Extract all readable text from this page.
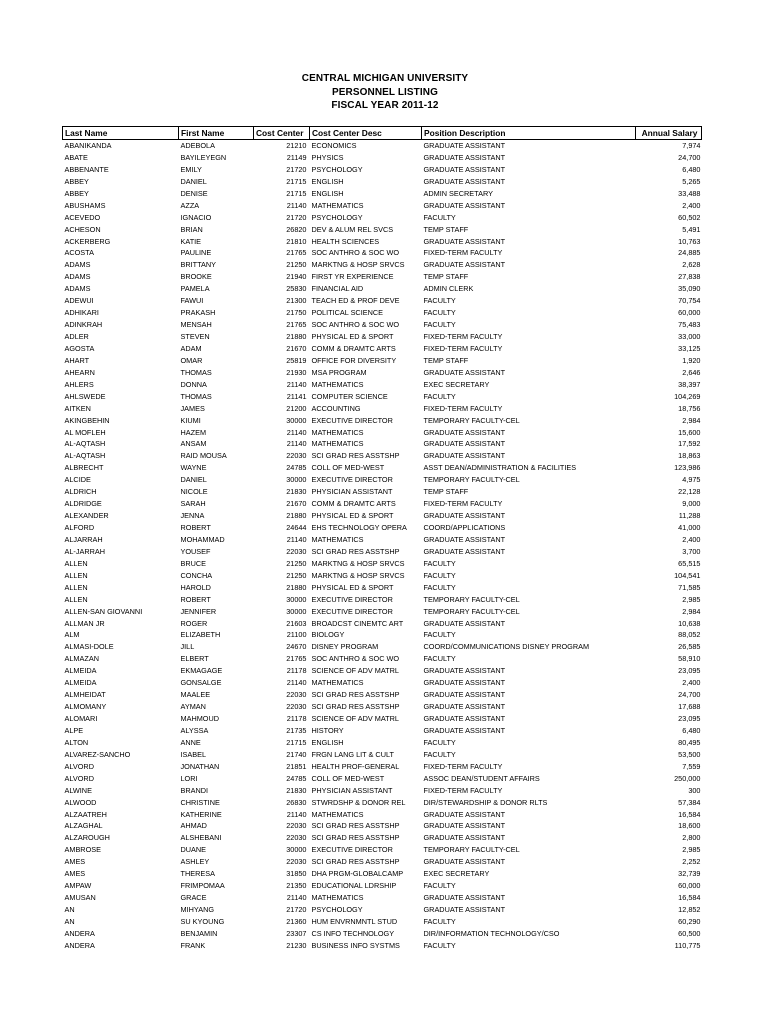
CENTRAL MICHIGAN UNIVERSITY
PERSONNEL LISTING
FISCAL YEAR 2011-12
Last Name	First Name	Cost Center	Cost Center Desc	Position Description	Annual Salary
ABANIKANDA	ADEBOLA	21210	ECONOMICS	GRADUATE ASSISTANT	7,974
ABATE	BAYILEYEGN	21149	PHYSICS	GRADUATE ASSISTANT	24,700
ABBENANTE	EMILY	21720	PSYCHOLOGY	GRADUATE ASSISTANT	6,480
ABBEY	DANIEL	21715	ENGLISH	GRADUATE ASSISTANT	5,265
ABBEY	DENISE	21715	ENGLISH	ADMIN SECRETARY	33,488
ABUSHAMS	AZZA	21140	MATHEMATICS	GRADUATE ASSISTANT	2,400
ACEVEDO	IGNACIO	21720	PSYCHOLOGY	FACULTY	60,502
ACHESON	BRIAN	26820	DEV & ALUM REL SVCS	TEMP STAFF	5,491
ACKERBERG	KATIE	21810	HEALTH SCIENCES	GRADUATE ASSISTANT	10,763
ACOSTA	PAULINE	21765	SOC ANTHRO & SOC WO	FIXED-TERM FACULTY	24,885
ADAMS	BRITTANY	21250	MARKTNG & HOSP SRVCS	GRADUATE ASSISTANT	2,628
ADAMS	BROOKE	21940	FIRST YR EXPERIENCE	TEMP STAFF	27,838
ADAMS	PAMELA	25830	FINANCIAL AID	ADMIN CLERK	35,090
ADEWUI	FAWUI	21300	TEACH ED & PROF DEVE	FACULTY	70,754
ADHIKARI	PRAKASH	21750	POLITICAL SCIENCE	FACULTY	60,000
ADINKRAH	MENSAH	21765	SOC ANTHRO & SOC WO	FACULTY	75,483
ADLER	STEVEN	21880	PHYSICAL ED & SPORT	FIXED-TERM FACULTY	33,000
AGOSTA	ADAM	21670	COMM & DRAMTC ARTS	FIXED-TERM FACULTY	33,125
AHART	OMAR	25819	OFFICE FOR DIVERSITY	TEMP STAFF	1,920
AHEARN	THOMAS	21930	MSA PROGRAM	GRADUATE ASSISTANT	2,646
AHLERS	DONNA	21140	MATHEMATICS	EXEC SECRETARY	38,397
AHLSWEDE	THOMAS	21141	COMPUTER SCIENCE	FACULTY	104,269
AITKEN	JAMES	21200	ACCOUNTING	FIXED-TERM FACULTY	18,756
AKINGBEHIN	KIUMI	30000	EXECUTIVE DIRECTOR	TEMPORARY FACULTY-CEL	2,984
AL MOFLEH	HAZEM	21140	MATHEMATICS	GRADUATE ASSISTANT	15,600
AL-AQTASH	ANSAM	21140	MATHEMATICS	GRADUATE ASSISTANT	17,592
AL-AQTASH	RAID MOUSA	22030	SCI GRAD RES ASSTSHP	GRADUATE ASSISTANT	18,863
ALBRECHT	WAYNE	24785	COLL OF MED-WEST	ASST DEAN/ADMINISTRATION & FACILITIES	123,986
ALCIDE	DANIEL	30000	EXECUTIVE DIRECTOR	TEMPORARY FACULTY-CEL	4,975
ALDRICH	NICOLE	21830	PHYSICIAN ASSISTANT	TEMP STAFF	22,128
ALDRIDGE	SARAH	21670	COMM & DRAMTC ARTS	FIXED-TERM FACULTY	9,000
ALEXANDER	JENNA	21880	PHYSICAL ED & SPORT	GRADUATE ASSISTANT	11,288
ALFORD	ROBERT	24644	EHS TECHNOLOGY OPERA	COORD/APPLICATIONS	41,000
ALJARRAH	MOHAMMAD	21140	MATHEMATICS	GRADUATE ASSISTANT	2,400
AL-JARRAH	YOUSEF	22030	SCI GRAD RES ASSTSHP	GRADUATE ASSISTANT	3,700
ALLEN	BRUCE	21250	MARKTNG & HOSP SRVCS	FACULTY	65,515
ALLEN	CONCHA	21250	MARKTNG & HOSP SRVCS	FACULTY	104,541
ALLEN	HAROLD	21880	PHYSICAL ED & SPORT	FACULTY	71,585
ALLEN	ROBERT	30000	EXECUTIVE DIRECTOR	TEMPORARY FACULTY-CEL	2,985
ALLEN-SAN GIOVANNI	JENNIFER	30000	EXECUTIVE DIRECTOR	TEMPORARY FACULTY-CEL	2,984
ALLMAN JR	ROGER	21603	BROADCST CINEMTC ART	GRADUATE ASSISTANT	10,638
ALM	ELIZABETH	21100	BIOLOGY	FACULTY	88,052
ALMASI-DOLE	JILL	24670	DISNEY PROGRAM	COORD/COMMUNICATIONS DISNEY PROGRAM	26,585
ALMAZAN	ELBERT	21765	SOC ANTHRO & SOC WO	FACULTY	58,910
ALMEIDA	EKMAGAGE	21178	SCIENCE OF ADV MATRL	GRADUATE ASSISTANT	23,095
ALMEIDA	GONSALGE	21140	MATHEMATICS	GRADUATE ASSISTANT	2,400
ALMHEIDAT	MAALEE	22030	SCI GRAD RES ASSTSHP	GRADUATE ASSISTANT	24,700
ALMOMANY	AYMAN	22030	SCI GRAD RES ASSTSHP	GRADUATE ASSISTANT	17,688
ALOMARI	MAHMOUD	21178	SCIENCE OF ADV MATRL	GRADUATE ASSISTANT	23,095
ALPE	ALYSSA	21735	HISTORY	GRADUATE ASSISTANT	6,480
ALTON	ANNE	21715	ENGLISH	FACULTY	80,495
ALVAREZ-SANCHO	ISABEL	21740	FRGN LANG LIT & CULT	FACULTY	53,500
ALVORD	JONATHAN	21851	HEALTH PROF-GENERAL	FIXED-TERM FACULTY	7,559
ALVORD	LORI	24785	COLL OF MED-WEST	ASSOC DEAN/STUDENT AFFAIRS	250,000
ALWINE	BRANDI	21830	PHYSICIAN ASSISTANT	FIXED-TERM FACULTY	300
ALWOOD	CHRISTINE	26830	STWRDSHP & DONOR REL	DIR/STEWARDSHIP & DONOR RLTS	57,384
ALZAATREH	KATHERINE	21140	MATHEMATICS	GRADUATE ASSISTANT	16,584
ALZAGHAL	AHMAD	22030	SCI GRAD RES ASSTSHP	GRADUATE ASSISTANT	18,600
ALZAROUGH	ALSHEBANI	22030	SCI GRAD RES ASSTSHP	GRADUATE ASSISTANT	2,800
AMBROSE	DUANE	30000	EXECUTIVE DIRECTOR	TEMPORARY FACULTY-CEL	2,985
AMES	ASHLEY	22030	SCI GRAD RES ASSTSHP	GRADUATE ASSISTANT	2,252
AMES	THERESA	31850	DHA PRGM-GLOBALCAMP	EXEC SECRETARY	32,739
AMPAW	FRIMPOMAA	21350	EDUCATIONAL LDRSHIP	FACULTY	60,000
AMUSAN	GRACE	21140	MATHEMATICS	GRADUATE ASSISTANT	16,584
AN	MIHYANG	21720	PSYCHOLOGY	GRADUATE ASSISTANT	12,852
AN	SU KYOUNG	21360	HUM ENVRNMNTL STUD	FACULTY	60,290
ANDERA	BENJAMIN	23307	CS INFO TECHNOLOGY	DIR/INFORMATION TECHNOLOGY/CSO	60,500
ANDERA	FRANK	21230	BUSINESS INFO SYSTMS	FACULTY	110,775
